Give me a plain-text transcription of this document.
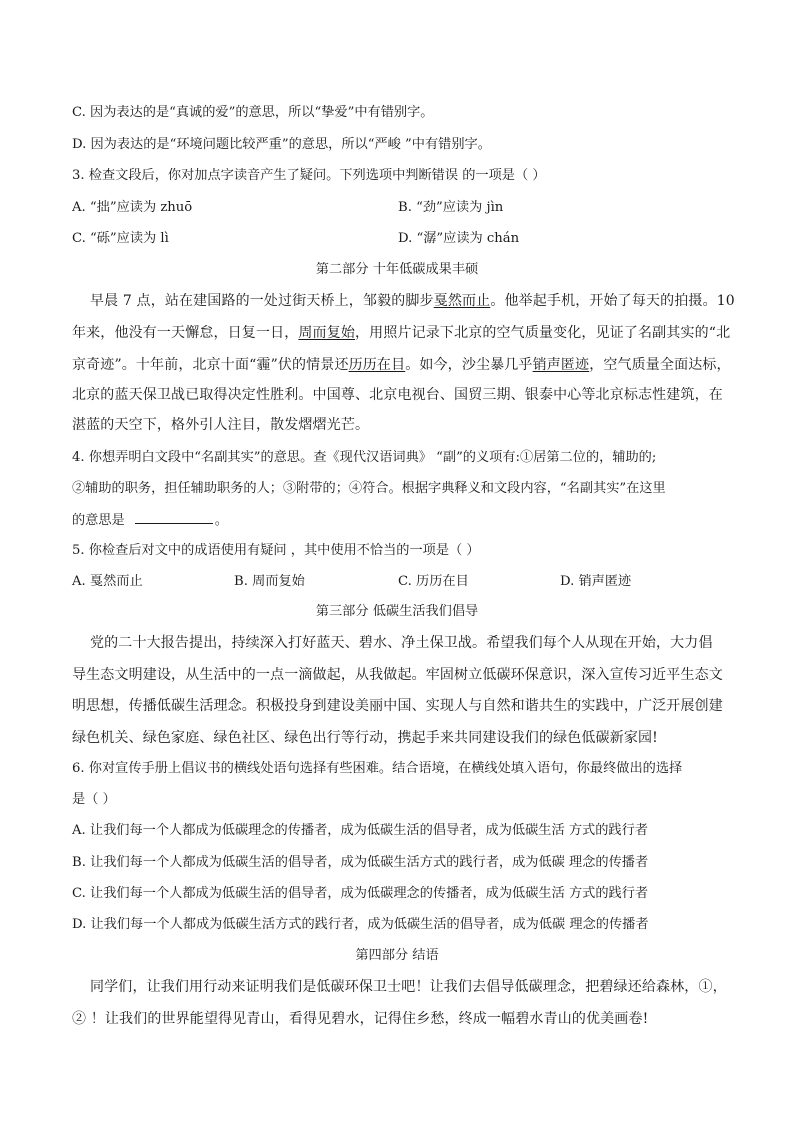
C. 因为表达的是“真诚的爱”的意思，所以“挚爱”中有错别字。
D. 因为表达的是“环境问题比较严重”的意思，所以“严峻 ”中有错别字。
3. 检查文段后，你对加点字读音产生了疑问。下列选项中判断错误 的一项是（ ）
A. “拙”应读为 zhuō	B. “劲”应读为 jìn
C. “砾”应读为 lì	D. “潺”应读为 chán
第二部分 十年低碳成果丰硕
早晨 7 点，站在建国路的一处过街天桥上，邹毅的脚步戛然而止。他举起手机，开始了每天的拍摄。10
年来，他没有一天懈怠，日复一日，周而复始，用照片记录下北京的空气质量变化，见证了名副其实的“北
京奇迹”。十年前，北京十面“霾”伏的情景还历历在目。如今，沙尘暴几乎销声匿迹，空气质量全面达标，
北京的蓝天保卫战已取得决定性胜利。中国尊、北京电视台、国贸三期、银泰中心等北京标志性建筑，在
湛蓝的天空下，格外引人注目，散发熠熠光芒。
4. 你想弄明白文段中“名副其实”的意思。查《现代汉语词典》 “副”的义项有:①居第二位的，辅助的;
②辅助的职务，担任辅助职务的人；③附带的；④符合。根据字典释义和文段内容，“名副其实”在这里
的意思是	。
5. 你检查后对文中的成语使用有疑问 ，其中使用不恰当的一项是（ ）
A. 戛然而止	B. 周而复始	C. 历历在目	D. 销声匿迹
第三部分 低碳生活我们倡导
党的二十大报告提出，持续深入打好蓝天、碧水、净土保卫战。希望我们每个人从现在开始，大力倡
导生态文明建设，从生活中的一点一滴做起，从我做起。牢固树立低碳环保意识，深入宣传习近平生态文
明思想，传播低碳生活理念。积极投身到建设美丽中国、实现人与自然和谐共生的实践中，广泛开展创建
绿色机关、绿色家庭、绿色社区、绿色出行等行动，携起手来共同建设我们的绿色低碳新家园!
6. 你对宣传手册上倡议书的横线处语句选择有些困难。结合语境，在横线处填入语句，你最终做出的选择
是（ ）
A. 让我们每一个人都成为低碳理念的传播者，成为低碳生活的倡导者，成为低碳生活 方式的践行者
B. 让我们每一个人都成为低碳生活的倡导者，成为低碳生活方式的践行者，成为低碳 理念的传播者
C. 让我们每一个人都成为低碳生活的倡导者，成为低碳理念的传播者，成为低碳生活 方式的践行者
D. 让我们每一个人都成为低碳生活方式的践行者，成为低碳生活的倡导者，成为低碳 理念的传播者
第四部分 结语
同学们，让我们用行动来证明我们是低碳环保卫士吧！让我们去倡导低碳理念，把碧绿还给森林，①，
② ！让我们的世界能望得见青山，看得见碧水，记得住乡愁，终成一幅碧水青山的优美画卷!
